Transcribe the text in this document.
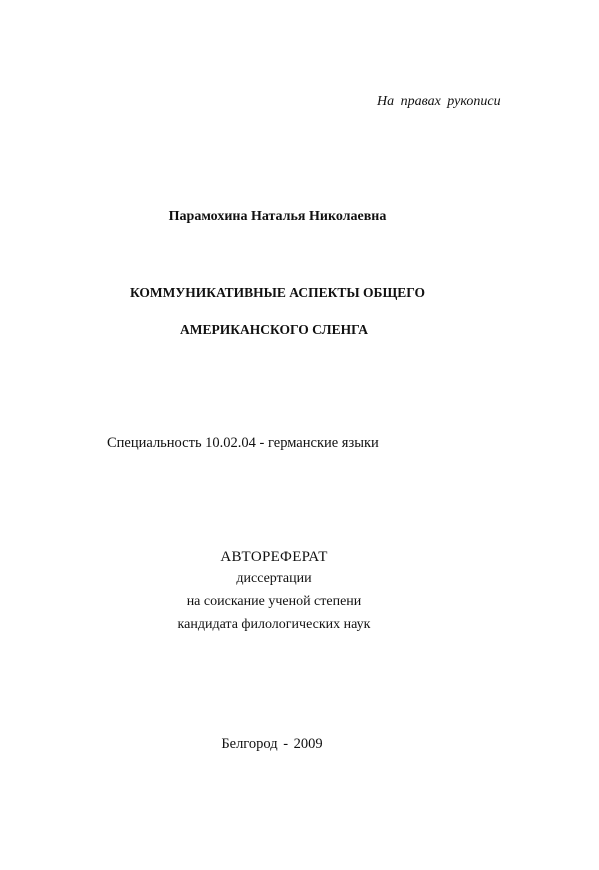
На правах рукописи
Парамохина Наталья Николаевна
КОММУНИКАТИВНЫЕ АСПЕКТЫ ОБЩЕГО
АМЕРИКАНСКОГО СЛЕНГА
Специальность 10.02.04 - германские языки
АВТОРЕФЕРАТ
диссертации
на соискание ученой степени
кандидата филологических наук
Белгород - 2009
